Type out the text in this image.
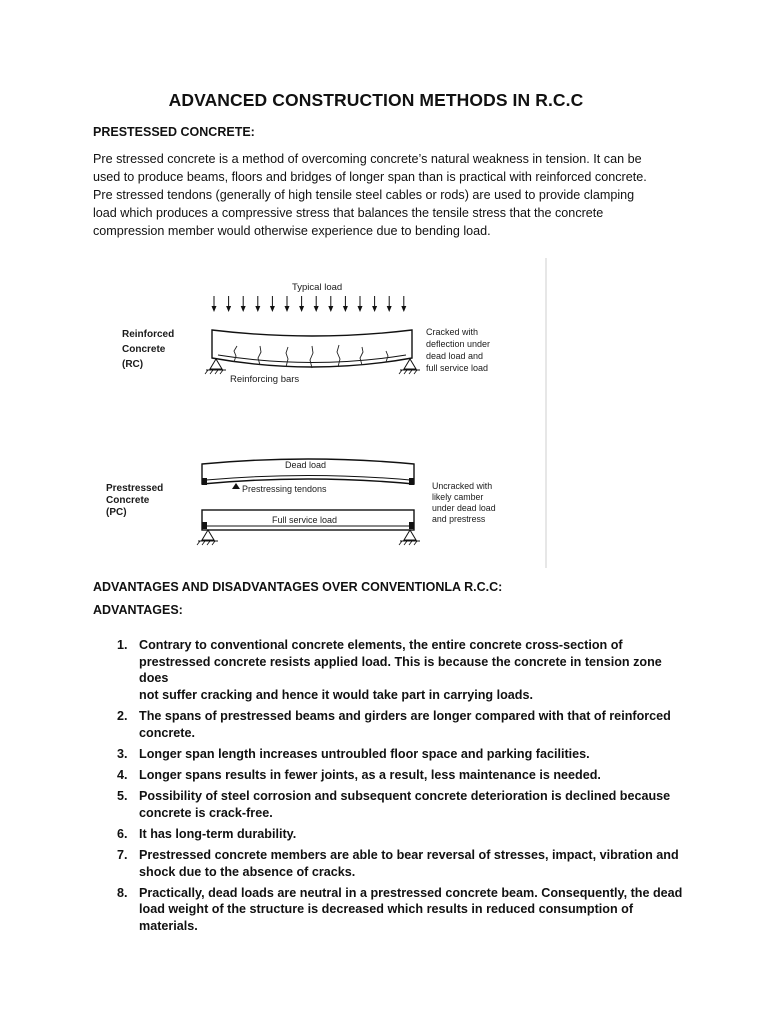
ADVANCED CONSTRUCTION METHODS IN R.C.C
PRESTESSED CONCRETE:
Pre stressed concrete is a method of overcoming concrete’s natural weakness in tension. It can be
used to produce beams, floors and bridges of longer span than is practical with reinforced concrete.
Pre stressed tendons (generally of high tensile steel cables or rods) are used to provide clamping
load which produces a compressive stress that balances the tensile stress that the concrete
compression member would otherwise experience due to bending load.
Typical load
Reinforced
Concrete
(RC)
Reinforcing bars
Cracked with
deflection under
dead load and
full service load
Prestressed
Concrete
(PC)
Dead load
Prestressing tendons	Uncracked with
likely camber
under dead load
and prestress
Full service load
ADVANTAGES AND DISADVANTAGES OVER CONVENTIONLA R.C.C:
ADVANTAGES:
1. Contrary to conventional concrete elements, the entire concrete cross-section of
prestressed concrete resists applied load. This is because the concrete in tension zone does
not suffer cracking and hence it would take part in carrying loads.
2. The spans of prestressed beams and girders are longer compared with that of reinforced
concrete.
3. Longer span length increases untroubled floor space and parking facilities.
4. Longer spans results in fewer joints, as a result, less maintenance is needed.
5. Possibility of steel corrosion and subsequent concrete deterioration is declined because
concrete is crack-free.
6. It has long-term durability.
7. Prestressed concrete members are able to bear reversal of stresses, impact, vibration and
shock due to the absence of cracks.
8. Practically, dead loads are neutral in a prestressed concrete beam. Consequently, the dead
load weight of the structure is decreased which results in reduced consumption of materials.
